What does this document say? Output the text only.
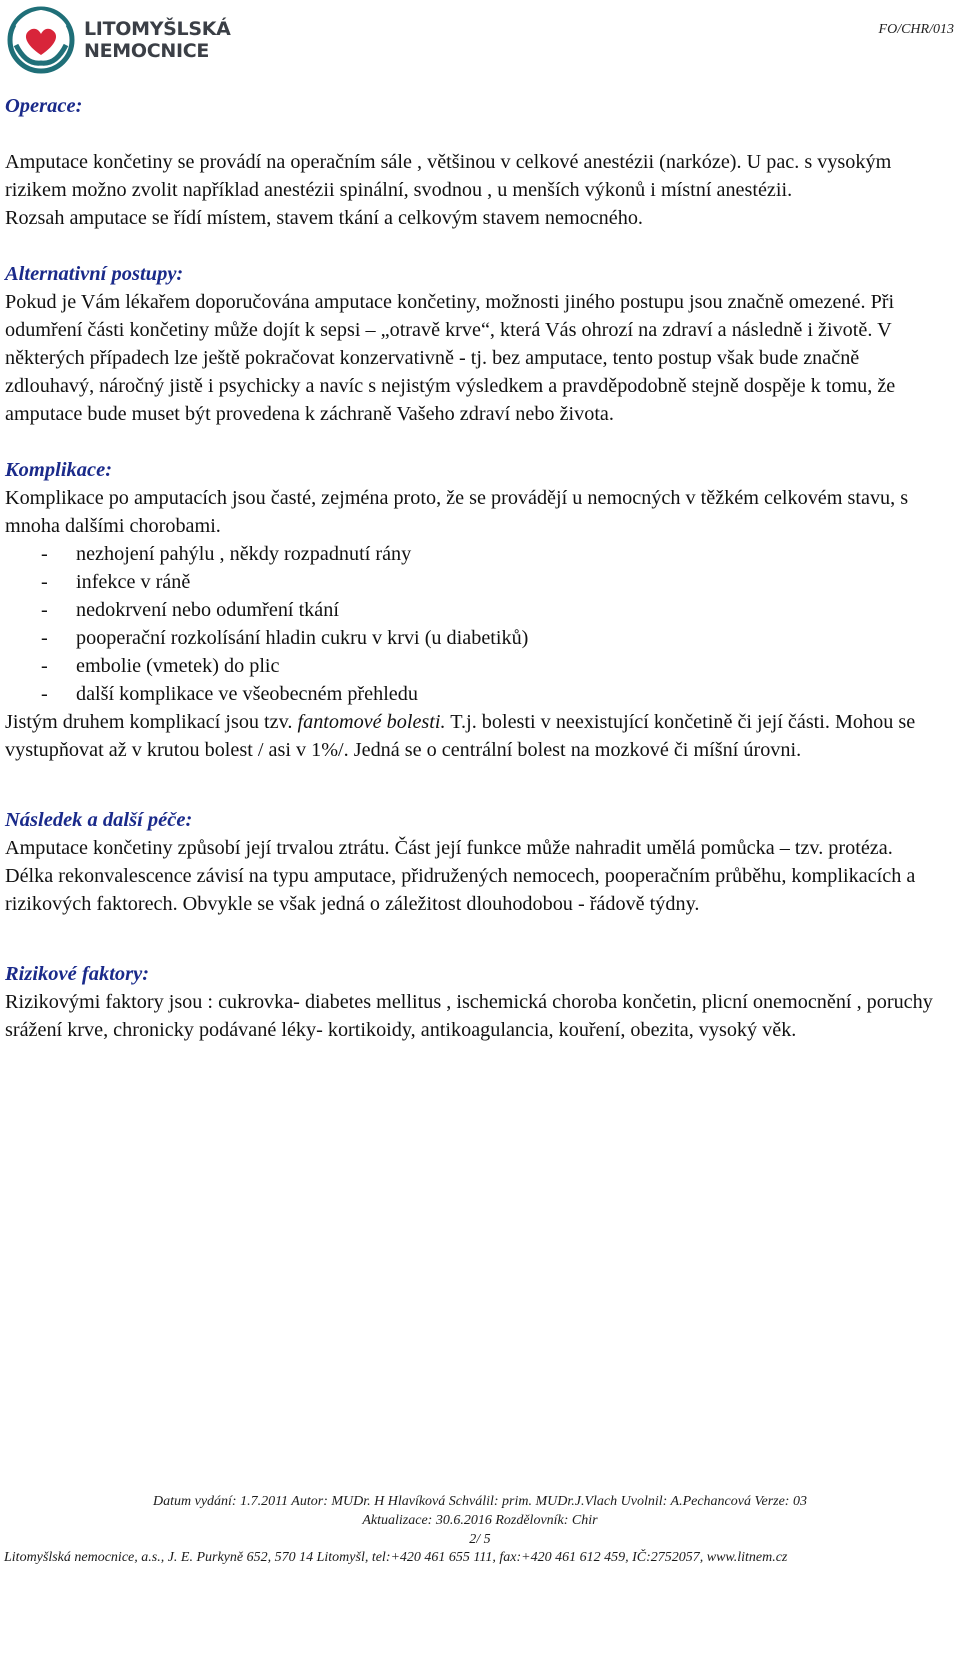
LITOMYŠLSKÁ
NEMOCNICE
FO/CHR/013

Operace:

Amputace končetiny se provádí na operačním sále , většinou v celkové anestézii (narkóze). U pac. s vysokým rizikem možno zvolit například anestézii spinální, svodnou , u menších výkonů i místní anestézii.

Rozsah amputace se řídí místem, stavem tkání a celkovým stavem nemocného.

Alternativní postupy:

Pokud je Vám lékařem doporučována amputace končetiny, možnosti jiného postupu jsou značně omezené. Při odumření části končetiny může dojít k sepsi – „otravě krve“, která Vás ohrozí na zdraví a následně i životě. V některých případech lze ještě pokračovat konzervativně - tj. bez amputace, tento postup však bude značně zdlouhavý, náročný jistě i psychicky a navíc s nejistým výsledkem a pravděpodobně stejně dospěje k tomu, že amputace bude muset být provedena k záchraně Vašeho zdraví nebo života.

Komplikace:

Komplikace po amputacích jsou časté, zejména proto, že se provádějí u nemocných v těžkém celkovém stavu, s mnoha dalšími chorobami.

- nezhojení pahýlu , někdy rozpadnutí rány
- infekce v ráně
- nedokrvení nebo odumření tkání
- pooperační rozkolísání hladin cukru v krvi (u diabetiků)
- embolie (vmetek) do plic
- další komplikace ve všeobecném přehledu

Jistým druhem komplikací jsou tzv. fantomové bolesti. T.j. bolesti v neexistující končetině či její části. Mohou se vystupňovat až v krutou bolest / asi v 1%/. Jedná se o centrální bolest na mozkové či míšní úrovni.

Následek a další péče:

Amputace končetiny způsobí její trvalou ztrátu. Část její funkce může nahradit umělá pomůcka – tzv. protéza.

Délka rekonvalescence závisí na typu amputace, přidružených nemocech, pooperačním průběhu, komplikacích a rizikových faktorech. Obvykle se však jedná o záležitost dlouhodobou - řádově týdny.

Rizikové faktory:

Rizikovými faktory jsou : cukrovka- diabetes mellitus , ischemická choroba končetin, plicní onemocnění , poruchy srážení krve, chronicky podávané léky- kortikoidy, antikoagulancia, kouření, obezita, vysoký věk.

Datum vydání: 1.7.2011 Autor: MUDr. H Hlavíková Schválil: prim. MUDr.J.Vlach Uvolnil: A.Pechancová Verze: 03
Aktualizace: 30.6.2016 Rozdělovník: Chir
2/ 5
Litomyšlská nemocnice, a.s., J. E. Purkyně 652, 570 14 Litomyšl, tel:+420 461 655 111, fax:+420 461 612 459, IČ:2752057, www.litnem.cz
